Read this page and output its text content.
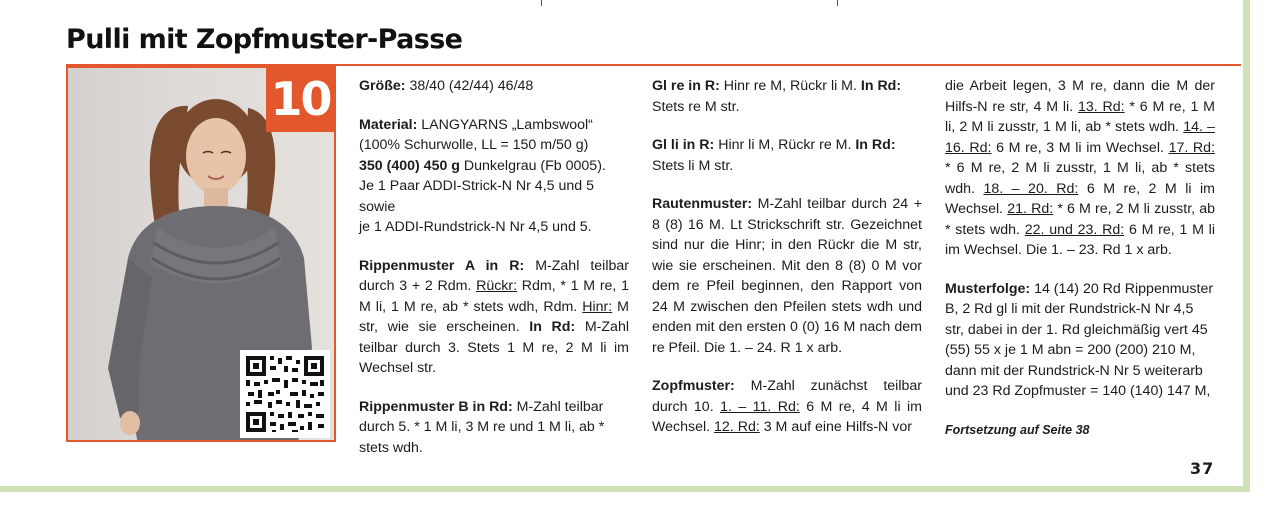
Pulli mit Zopfmuster-Passe
10	Größe: 38/40 (42/44) 46/48

Material: LANGYARNS „Lambswool“
(100% Schurwolle, LL = 150 m/50 g)
350 (400) 450 g Dunkelgrau (Fb 0005).
Je 1 Paar ADDI-Strick-N Nr 4,5 und 5 sowie
je 1 ADDI-Rundstrick-N Nr 4,5 und 5.

Rippenmuster A in R: M-Zahl teilbar durch 3 + 2 Rdm. Rückr: Rdm, * 1 M re, 1 M li, 1 M re, ab * stets wdh, Rdm. Hinr: M str, wie sie erscheinen. In Rd: M-Zahl teilbar durch 3. Stets 1 M re, 2 M li im Wechsel str.

Rippenmuster B in Rd: M-Zahl teilbar durch 5. * 1 M li, 3 M re und 1 M li, ab * stets wdh.

Gl re in R: Hinr re M, Rückr li M. In Rd: Stets re M str.

Gl li in R: Hinr li M, Rückr re M. In Rd: Stets li M str.

Rautenmuster: M-Zahl teilbar durch 24 + 8 (8) 16 M. Lt Strickschrift str. Gezeichnet sind nur die Hinr; in den Rückr die M str, wie sie erscheinen. Mit den 8 (8) 0 M vor dem re Pfeil beginnen, den Rapport von 24 M zwischen den Pfeilen stets wdh und enden mit den ersten 0 (0) 16 M nach dem re Pfeil. Die 1. – 24. R 1 x arb.

Zopfmuster: M-Zahl zunächst teilbar durch 10. 1. – 11. Rd: 6 M re, 4 M li im Wechsel. 12. Rd: 3 M auf eine Hilfs-N vor

die Arbeit legen, 3 M re, dann die M der Hilfs-N re str, 4 M li. 13. Rd: * 6 M re, 1 M li, 2 M li zusstr, 1 M li, ab * stets wdh. 14. – 16. Rd: 6 M re, 3 M li im Wechsel. 17. Rd: * 6 M re, 2 M li zusstr, 1 M li, ab * stets wdh. 18. – 20. Rd: 6 M re, 2 M li im Wechsel. 21. Rd: * 6 M re, 2 M li zusstr, ab * stets wdh. 22. und 23. Rd: 6 M re, 1 M li im Wechsel. Die 1. – 23. Rd 1 x arb.

Musterfolge: 14 (14) 20 Rd Rippenmuster B, 2 Rd gl li mit der Rundstrick-N Nr 4,5 str, dabei in der 1. Rd gleichmäßig vert 45 (55) 55 x je 1 M abn = 200 (200) 210 M, dann mit der Rundstrick-N Nr 5 weiterarb und 23 Rd Zopfmuster = 140 (140) 147 M,

Fortsetzung auf Seite 38

37
